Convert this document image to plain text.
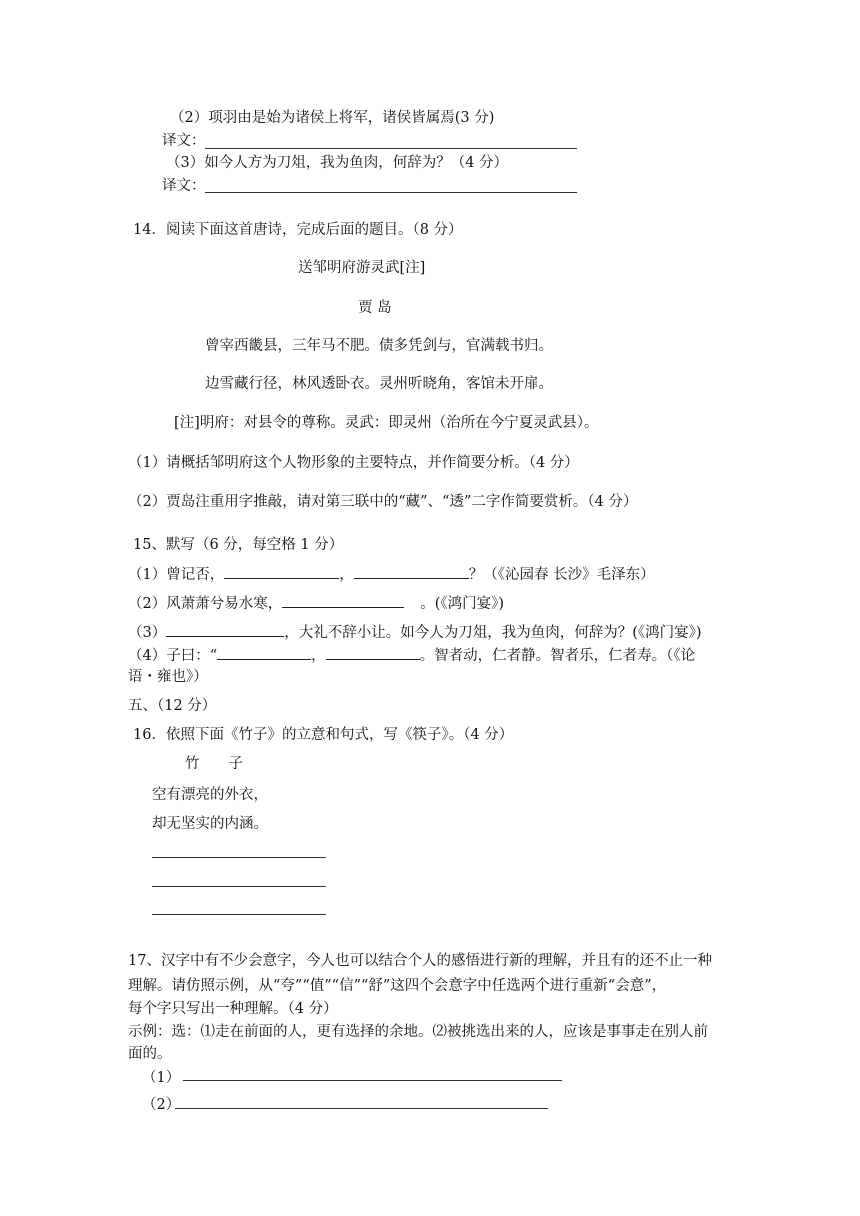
（2）项羽由是始为诸侯上将军，诸侯皆属焉(3 分)
译文：
（3）如今人方为刀俎，我为鱼肉，何辞为？（4 分）
译文：
14．阅读下面这首唐诗，完成后面的题目。（8 分）
送邹明府游灵武[注]
贾 岛
曾宰西畿县，三年马不肥。债多凭剑与，官满载书归。
边雪藏行径，林风透卧衣。灵州听晓角，客馆未开扉。
[注]明府：对县令的尊称。灵武：即灵州（治所在今宁夏灵武县）。
（1）请概括邹明府这个人物形象的主要特点，并作简要分析。（4 分）
（2）贾岛注重用字推敲，请对第三联中的“藏”、“透”二字作简要赏析。（4 分）
15、默写（6 分，每空格 1 分）
（1）曾记否，	，	？（《沁园春 长沙》毛泽东）
（2）风萧萧兮易水寒，	。(《鸿门宴》)
（3）	，大礼不辞小让。如今人为刀俎，我为鱼肉，何辞为？(《鸿门宴》)
（4）子曰：“	，	。智者动，仁者静。智者乐，仁者寿。（《论
语・雍也》）
五、（12 分）
16．依照下面《竹子》的立意和句式，写《筷子》。（4 分）
竹　　子
空有漂亮的外衣，
却无坚实的内涵。
17、汉字中有不少会意字，今人也可以结合个人的感悟进行新的理解，并且有的还不止一种
理解。请仿照示例，从“夸”“值”“信”“舒”这四个会意字中任选两个进行重新“会意”，
每个字只写出一种理解。（4 分）
示例：选：⑴走在前面的人，更有选择的余地。⑵被挑选出来的人，应该是事事走在别人前
面的。
（1）
（2）
